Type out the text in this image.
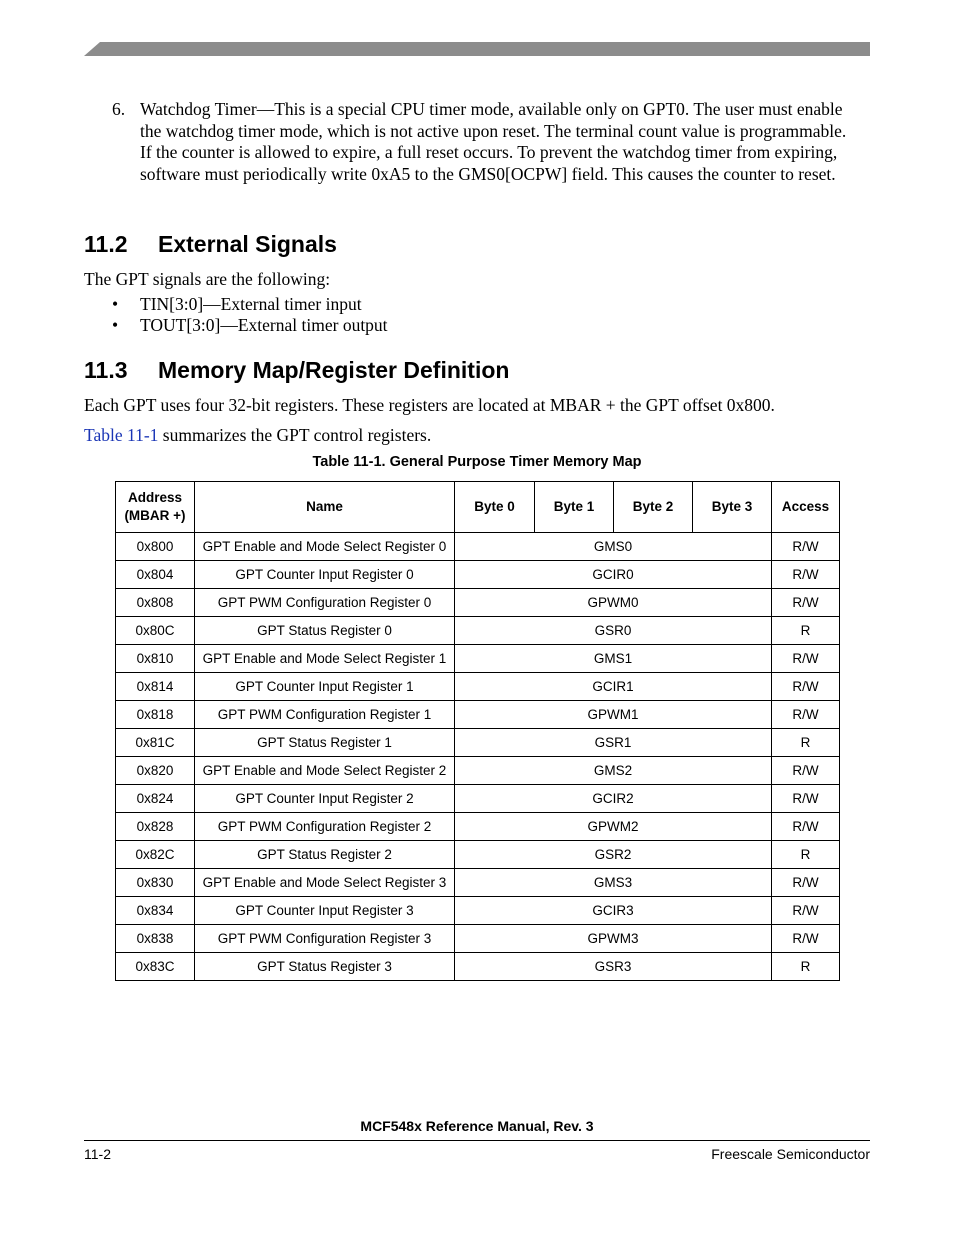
6. Watchdog Timer—This is a special CPU timer mode, available only on GPT0. The user must enable the watchdog timer mode, which is not active upon reset. The terminal count value is programmable. If the counter is allowed to expire, a full reset occurs. To prevent the watchdog timer from expiring, software must periodically write 0xA5 to the GMS0[OCPW] field. This causes the counter to reset.
11.2 External Signals
The GPT signals are the following:
• TIN[3:0]—External timer input
• TOUT[3:0]—External timer output
11.3 Memory Map/Register Definition
Each GPT uses four 32-bit registers. These registers are located at MBAR + the GPT offset 0x800.
Table 11-1 summarizes the GPT control registers.
Table 11-1. General Purpose Timer Memory Map
Address (MBAR +)	Name	Byte 0	Byte 1	Byte 2	Byte 3	Access
0x800	GPT Enable and Mode Select Register 0	GMS0				R/W
0x804	GPT Counter Input Register 0	GCIR0				R/W
0x808	GPT PWM Configuration Register 0	GPWM0				R/W
0x80C	GPT Status Register 0	GSR0				R
0x810	GPT Enable and Mode Select Register 1	GMS1				R/W
0x814	GPT Counter Input Register 1	GCIR1				R/W
0x818	GPT PWM Configuration Register 1	GPWM1				R/W
0x81C	GPT Status Register 1	GSR1				R
0x820	GPT Enable and Mode Select Register 2	GMS2				R/W
0x824	GPT Counter Input Register 2	GCIR2				R/W
0x828	GPT PWM Configuration Register 2	GPWM2				R/W
0x82C	GPT Status Register 2	GSR2				R
0x830	GPT Enable and Mode Select Register 3	GMS3				R/W
0x834	GPT Counter Input Register 3	GCIR3				R/W
0x838	GPT PWM Configuration Register 3	GPWM3				R/W
0x83C	GPT Status Register 3	GSR3				R
MCF548x Reference Manual, Rev. 3
11-2	Freescale Semiconductor
